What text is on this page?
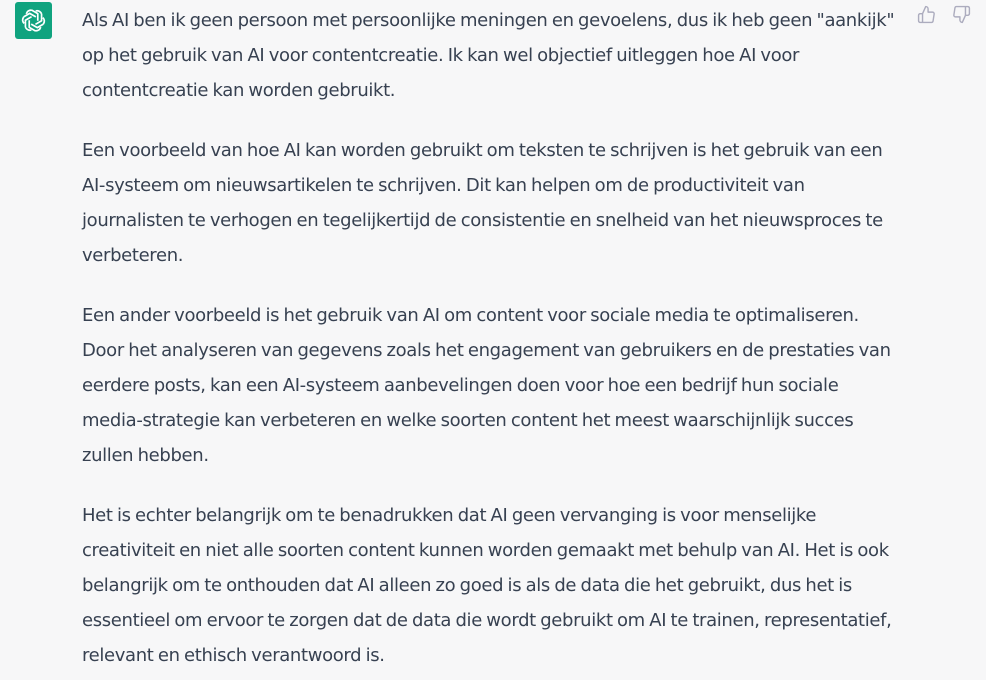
Als AI ben ik geen persoon met persoonlijke meningen en gevoelens, dus ik heb geen "aankijk" op het gebruik van AI voor contentcreatie. Ik kan wel objectief uitleggen hoe AI voor contentcreatie kan worden gebruikt.

Een voorbeeld van hoe AI kan worden gebruikt om teksten te schrijven is het gebruik van een AI-systeem om nieuwsartikelen te schrijven. Dit kan helpen om de productiviteit van journalisten te verhogen en tegelijkertijd de consistentie en snelheid van het nieuwsproces te verbeteren.

Een ander voorbeeld is het gebruik van AI om content voor sociale media te optimaliseren. Door het analyseren van gegevens zoals het engagement van gebruikers en de prestaties van eerdere posts, kan een AI-systeem aanbevelingen doen voor hoe een bedrijf hun sociale media-strategie kan verbeteren en welke soorten content het meest waarschijnlijk succes zullen hebben.

Het is echter belangrijk om te benadrukken dat AI geen vervanging is voor menselijke creativiteit en niet alle soorten content kunnen worden gemaakt met behulp van AI. Het is ook belangrijk om te onthouden dat AI alleen zo goed is als de data die het gebruikt, dus het is essentieel om ervoor te zorgen dat de data die wordt gebruikt om AI te trainen, representatief, relevant en ethisch verantwoord is.
